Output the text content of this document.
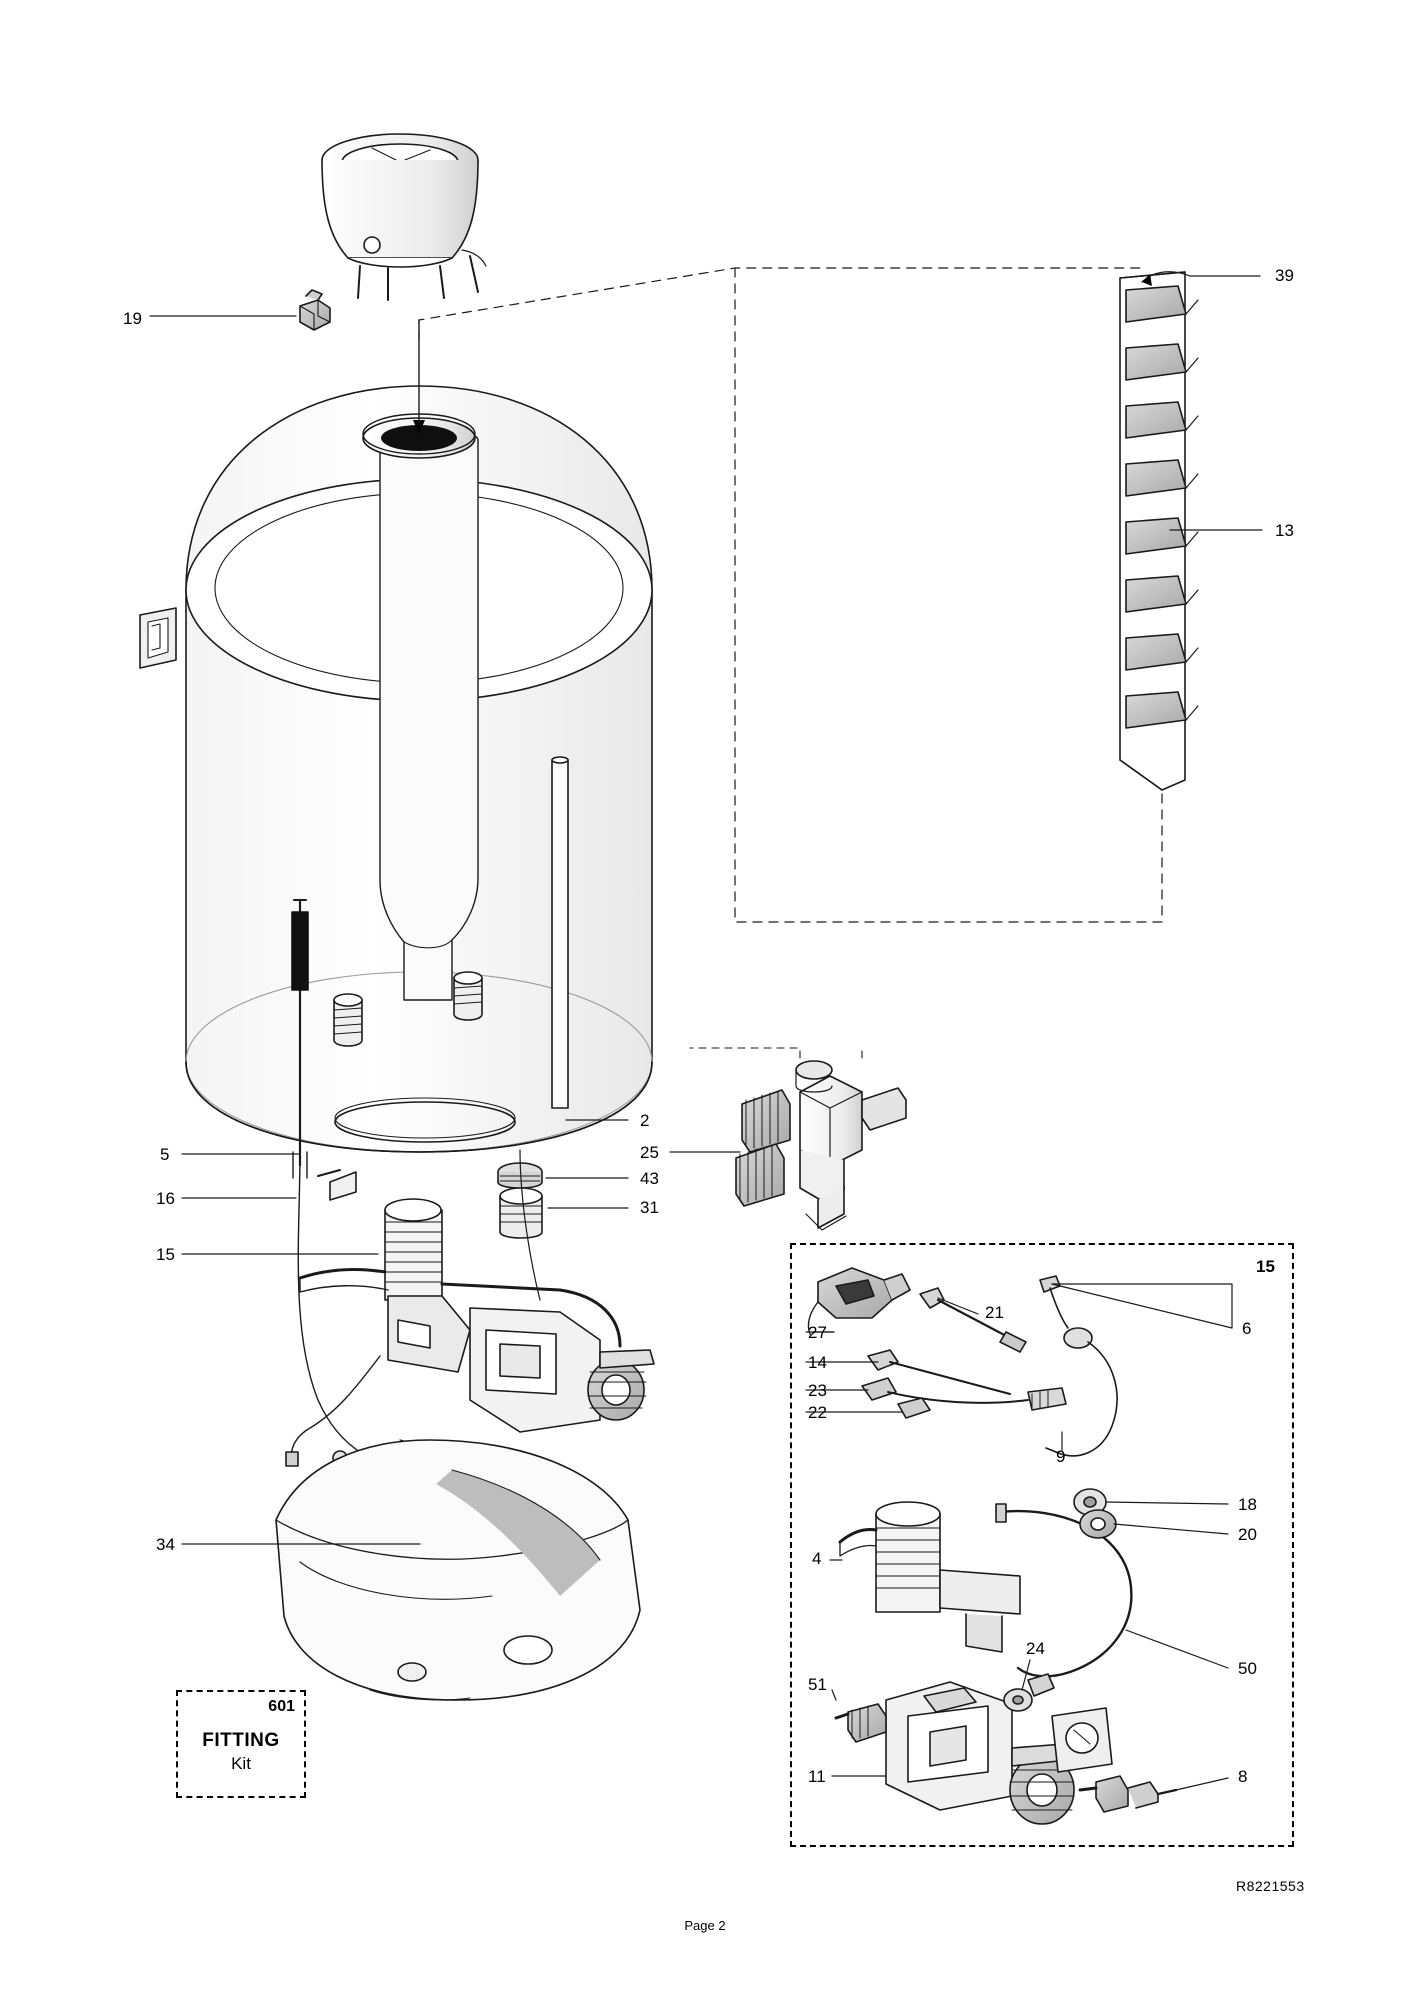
15
601
FITTING
Kit
19
39
13
2
25
43
31
5
16
15
34
27
14
23
22
21
6
9
18
20
4
50
24
51
11	8
R8221553
Page 2
